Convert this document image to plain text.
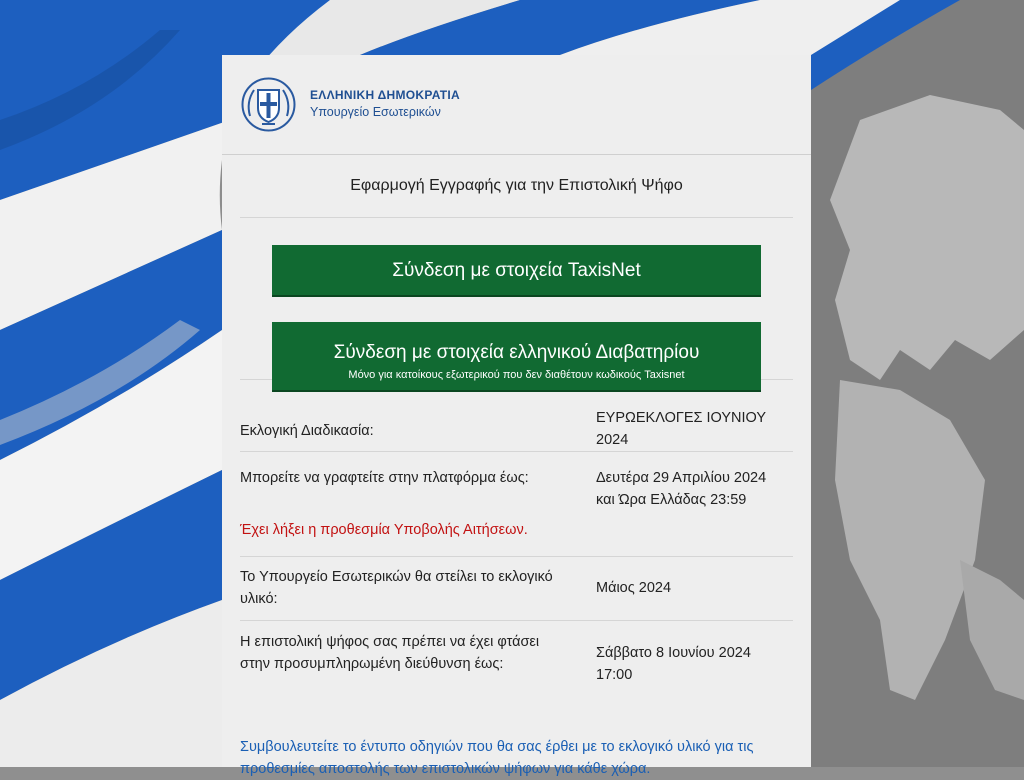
ΕΛΛΗΝΙΚΗ ΔΗΜΟΚΡΑΤΙΑ
Υπουργείο Εσωτερικών
Εφαρμογή Εγγραφής για την Επιστολική Ψήφο
Σύνδεση με στοιχεία TaxisNet
Σύνδεση με στοιχεία ελληνικού Διαβατηρίου
Μόνο για κατοίκους εξωτερικού που δεν διαθέτουν κωδικούς Taxisnet
Εκλογική Διαδικασία:
ΕΥΡΩΕΚΛΟΓΕΣ ΙΟΥΝΙΟΥ 2024
Μπορείτε να γραφτείτε στην πλατφόρμα έως:	Δευτέρα 29 Απριλίου 2024 και Ώρα Ελλάδας 23:59
Έχει λήξει η προθεσμία Υποβολής Αιτήσεων.
Το Υπουργείο Εσωτερικών θα στείλει το εκλογικό υλικό:
Μάιος 2024
Η επιστολική ψήφος σας πρέπει να έχει φτάσει στην προσυμπληρωμένη διεύθυνση έως:
Σάββατο 8 Ιουνίου 2024 17:00
Συμβουλευτείτε το έντυπο οδηγιών που θα σας έρθει με το εκλογικό υλικό για τις προθεσμίες αποστολής των επιστολικών ψήφων για κάθε χώρα.
